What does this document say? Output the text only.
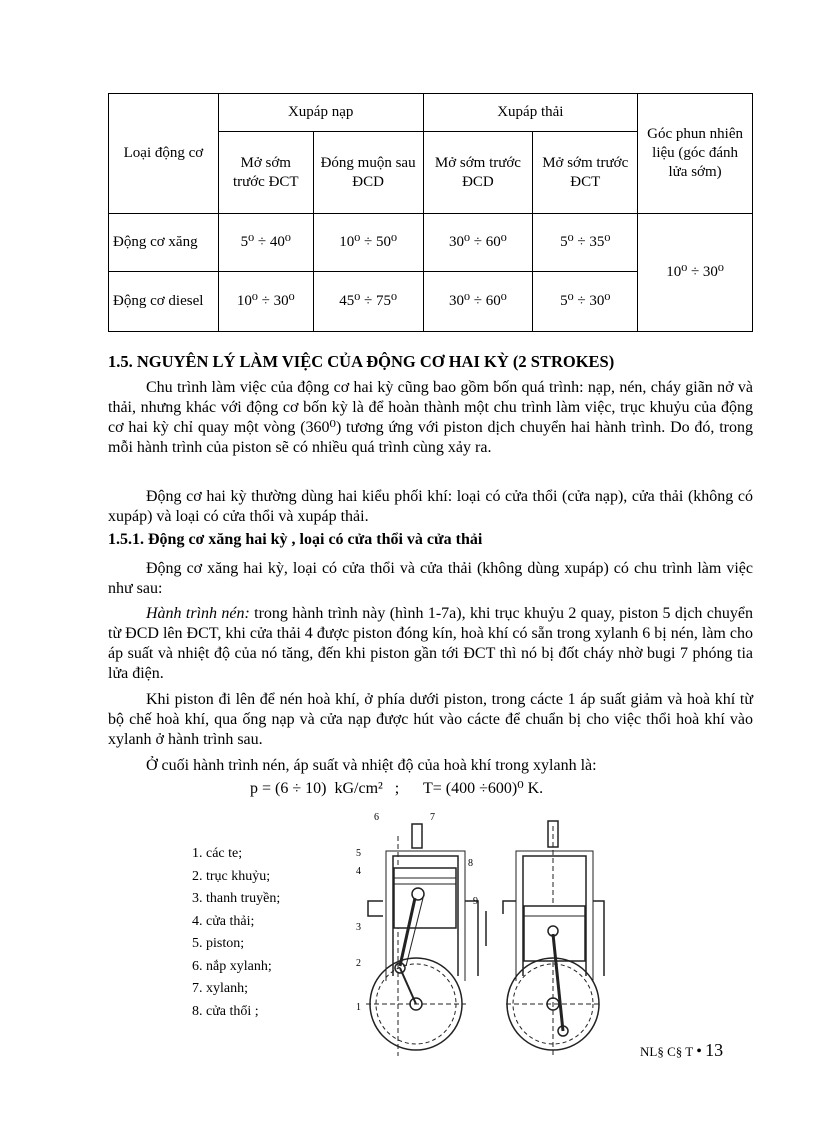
Loại động cơ	Xupáp nạp		Xupáp thải		Góc phun nhiên liệu (góc đánh lửa sớm)
	Mở sớm trước ĐCT	Đóng muộn sau ĐCD	Mở sớm trước ĐCD	Mở sớm trước ĐCT	
Động cơ xăng	5⁰ ÷ 40⁰	10⁰ ÷ 50⁰	30⁰ ÷ 60⁰	5⁰ ÷ 35⁰	10⁰ ÷ 30⁰
Động cơ diesel	10⁰ ÷ 30⁰	45⁰ ÷ 75⁰	30⁰ ÷ 60⁰	5⁰ ÷ 30⁰	
1.5. NGUYÊN LÝ LÀM VIỆC CỦA ĐỘNG CƠ HAI KỲ (2 STROKES)
Chu trình làm việc của động cơ hai kỳ cũng bao gồm bốn quá trình: nạp, nén, cháy giãn nở và thải, nhưng khác với động cơ bốn kỳ là để hoàn thành một chu trình làm việc, trục khuỷu của động cơ hai kỳ chỉ quay một vòng (360⁰) tương ứng với piston dịch chuyển hai hành trình. Do đó, trong mỗi hành trình của piston sẽ có nhiều quá trình cùng xảy ra.
Động cơ hai kỳ thường dùng hai kiểu phối khí: loại có cửa thổi (cửa nạp), cửa thải (không có xupáp) và loại có cửa thổi và xupáp thải.
1.5.1. Động cơ xăng hai kỳ , loại có cửa thổi và cửa thải
Động cơ xăng hai kỳ, loại có cửa thổi và cửa thải (không dùng xupáp) có chu trình làm việc như sau:
Hành trình nén: trong hành trình này (hình 1-7a), khi trục khuỷu 2 quay, piston 5 dịch chuyển từ ĐCD lên ĐCT, khi cửa thải 4 được piston đóng kín, hoà khí có sẵn trong xylanh 6 bị nén, làm cho áp suất và nhiệt độ của nó tăng, đến khi piston gần tới ĐCT thì nó bị đốt cháy nhờ bugi 7 phóng tia lửa điện.
Khi piston đi lên để nén hoà khí, ở phía dưới piston, trong cácte 1 áp suất giảm và hoà khí từ bộ chế hoà khí, qua ống nạp và cửa nạp được hút vào cácte để chuẩn bị cho việc thổi hoà khí vào xylanh ở hành trình sau.
Ở cuối hành trình nén, áp suất và nhiệt độ của hoà khí trong xylanh là:
p = (6 ÷ 10)  kG/cm²   ;      T= (400 ÷600)⁰ K.
1. các te;
2. trục khuỷu;
3. thanh truyền;
4. cửa thải;
5. piston;
6. nắp xylanh;
7. xylanh;
8. cửa thổi ;
6	7
5
4
8
9
3
2
1
NL§ C§ T • 13
